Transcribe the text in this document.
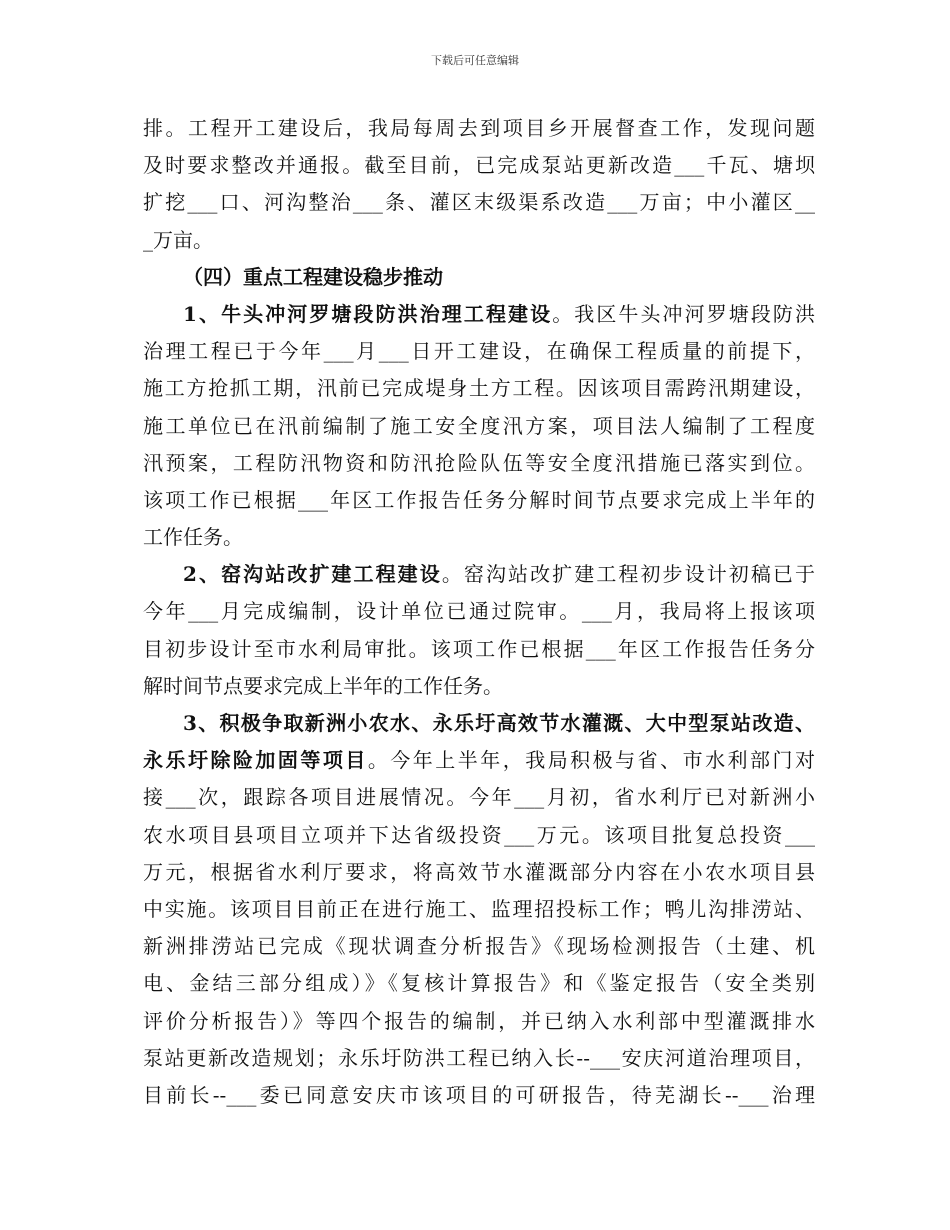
下载后可任意编辑
排。工程开工建设后，我局每周去到项目乡开展督查工作，发现问题
及时要求整改并通报。截至目前，已完成泵站更新改造___千瓦、塘坝
扩挖___口、河沟整治___条、灌区末级渠系改造___万亩；中小灌区__
_万亩。
（四）重点工程建设稳步推动
1、牛头冲河罗塘段防洪治理工程建设。我区牛头冲河罗塘段防洪
治理工程已于今年___月___日开工建设，在确保工程质量的前提下，
施工方抢抓工期，汛前已完成堤身土方工程。因该项目需跨汛期建设，
施工单位已在汛前编制了施工安全度汛方案，项目法人编制了工程度
汛预案，工程防汛物资和防汛抢险队伍等安全度汛措施已落实到位。
该项工作已根据___年区工作报告任务分解时间节点要求完成上半年的
工作任务。
2、窑沟站改扩建工程建设。窑沟站改扩建工程初步设计初稿已于
今年___月完成编制，设计单位已通过院审。___月，我局将上报该项
目初步设计至市水利局审批。该项工作已根据___年区工作报告任务分
解时间节点要求完成上半年的工作任务。
3、积极争取新洲小农水、永乐圩高效节水灌溉、大中型泵站改造、
永乐圩除险加固等项目。今年上半年，我局积极与省、市水利部门对
接___次，跟踪各项目进展情况。今年___月初，省水利厅已对新洲小
农水项目县项目立项并下达省级投资___万元。该项目批复总投资___
万元，根据省水利厅要求，将高效节水灌溉部分内容在小农水项目县
中实施。该项目目前正在进行施工、监理招投标工作；鸭儿沟排涝站、
新洲排涝站已完成《现状调查分析报告》《现场检测报告（土建、机
电、金结三部分组成）》《复核计算报告》和《鉴定报告（安全类别
评价分析报告）》等四个报告的编制，并已纳入水利部中型灌溉排水
泵站更新改造规划；永乐圩防洪工程已纳入长--___安庆河道治理项目，
目前长--___委已同意安庆市该项目的可研报告，待芜湖长--___治理
